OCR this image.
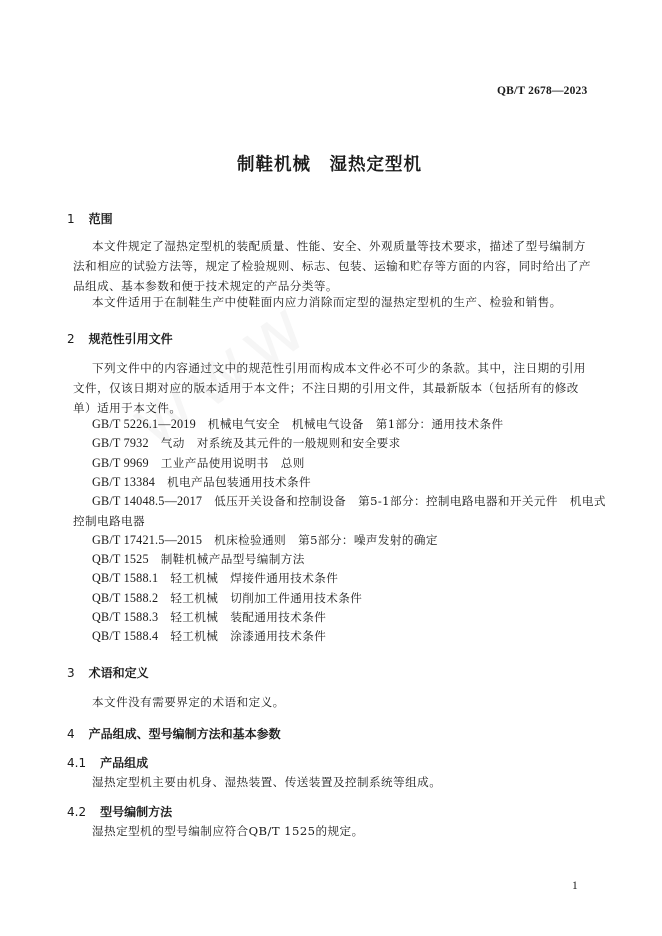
QB/T 2678—2023
制鞋机械　湿热定型机
1 范围
本文件规定了湿热定型机的装配质量、性能、安全、外观质量等技术要求，描述了型号编制方法和相应的试验方法等，规定了检验规则、标志、包装、运输和贮存等方面的内容，同时给出了产品组成、基本参数和便于技术规定的产品分类等。
本文件适用于在制鞋生产中使鞋面内应力消除而定型的湿热定型机的生产、检验和销售。
2 规范性引用文件
下列文件中的内容通过文中的规范性引用而构成本文件必不可少的条款。其中，注日期的引用文件，仅该日期对应的版本适用于本文件；不注日期的引用文件，其最新版本（包括所有的修改单）适用于本文件。
GB/T 5226.1—2019 机械电气安全　机械电气设备　第1部分：通用技术条件
GB/T 7932 气动　对系统及其元件的一般规则和安全要求
GB/T 9969 工业产品使用说明书　总则
GB/T 13384 机电产品包装通用技术条件
GB/T 14048.5—2017 低压开关设备和控制设备　第5-1部分：控制电路电器和开关元件　机电式
控制电路电器
GB/T 17421.5—2015 机床检验通则　第5部分：噪声发射的确定
QB/T 1525 制鞋机械产品型号编制方法
QB/T 1588.1 轻工机械　焊接件通用技术条件
QB/T 1588.2 轻工机械　切削加工件通用技术条件
QB/T 1588.3 轻工机械　装配通用技术条件
QB/T 1588.4 轻工机械　涂漆通用技术条件
3 术语和定义
本文件没有需要界定的术语和定义。
4 产品组成、型号编制方法和基本参数
4.1 产品组成
湿热定型机主要由机身、湿热装置、传送装置及控制系统等组成。
4.2 型号编制方法
湿热定型机的型号编制应符合QB/T 1525的规定。
1
